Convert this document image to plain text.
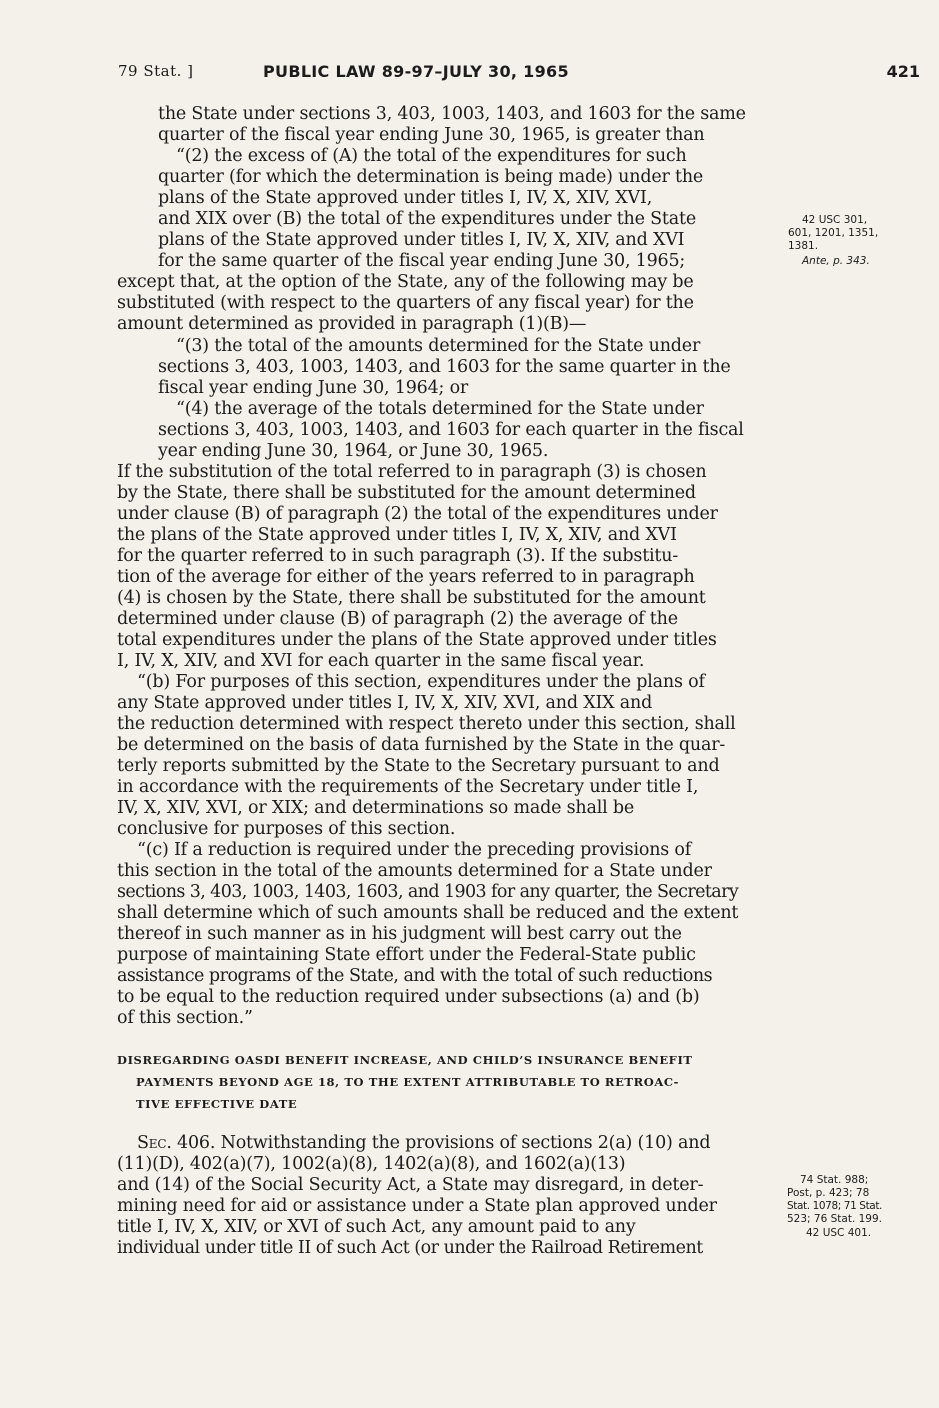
79 Stat. ]	PUBLIC LAW 89-97–JULY 30, 1965	421
the State under sections 3, 403, 1003, 1403, and 1603 for the same
quarter of the fiscal year ending June 30, 1965, is greater than
“(2) the excess of (A) the total of the expenditures for such
quarter (for which the determination is being made) under the
plans of the State approved under titles I, IV, X, XIV, XVI,
and XIX over (B) the total of the expenditures under the State
plans of the State approved under titles I, IV, X, XIV, and XVI
for the same quarter of the fiscal year ending June 30, 1965;
except that, at the option of the State, any of the following may be
substituted (with respect to the quarters of any fiscal year) for the
amount determined as provided in paragraph (1)(B)—
“(3) the total of the amounts determined for the State under
sections 3, 403, 1003, 1403, and 1603 for the same quarter in the
fiscal year ending June 30, 1964; or
“(4) the average of the totals determined for the State under
sections 3, 403, 1003, 1403, and 1603 for each quarter in the fiscal
year ending June 30, 1964, or June 30, 1965.
If the substitution of the total referred to in paragraph (3) is chosen
by the State, there shall be substituted for the amount determined
under clause (B) of paragraph (2) the total of the expenditures under
the plans of the State approved under titles I, IV, X, XIV, and XVI
for the quarter referred to in such paragraph (3). If the substitu-
tion of the average for either of the years referred to in paragraph
(4) is chosen by the State, there shall be substituted for the amount
determined under clause (B) of paragraph (2) the average of the
total expenditures under the plans of the State approved under titles
I, IV, X, XIV, and XVI for each quarter in the same fiscal year.
“(b) For purposes of this section, expenditures under the plans of
any State approved under titles I, IV, X, XIV, XVI, and XIX and
the reduction determined with respect thereto under this section, shall
be determined on the basis of data furnished by the State in the quar-
terly reports submitted by the State to the Secretary pursuant to and
in accordance with the requirements of the Secretary under title I,
IV, X, XIV, XVI, or XIX; and determinations so made shall be
conclusive for purposes of this section.
“(c) If a reduction is required under the preceding provisions of
this section in the total of the amounts determined for a State under
sections 3, 403, 1003, 1403, 1603, and 1903 for any quarter, the Secretary
shall determine which of such amounts shall be reduced and the extent
thereof in such manner as in his judgment will best carry out the
purpose of maintaining State effort under the Federal-State public
assistance programs of the State, and with the total of such reductions
to be equal to the reduction required under subsections (a) and (b)
of this section.”
DISREGARDING OASDI BENEFIT INCREASE, AND CHILD’S INSURANCE BENEFIT
PAYMENTS BEYOND AGE 18, TO THE EXTENT ATTRIBUTABLE TO RETROAC-
TIVE EFFECTIVE DATE
Sec. 406. Notwithstanding the provisions of sections 2(a) (10) and
(11)(D), 402(a)(7), 1002(a)(8), 1402(a)(8), and 1602(a)(13)
and (14) of the Social Security Act, a State may disregard, in deter-
mining need for aid or assistance under a State plan approved under
title I, IV, X, XIV, or XVI of such Act, any amount paid to any
individual under title II of such Act (or under the Railroad Retirement
42 USC 301,
601, 1201, 1351,
1381.
Ante, p. 343.
74 Stat. 988;
Post, p. 423; 78
Stat. 1078; 71 Stat.
523; 76 Stat. 199.
42 USC 401.
